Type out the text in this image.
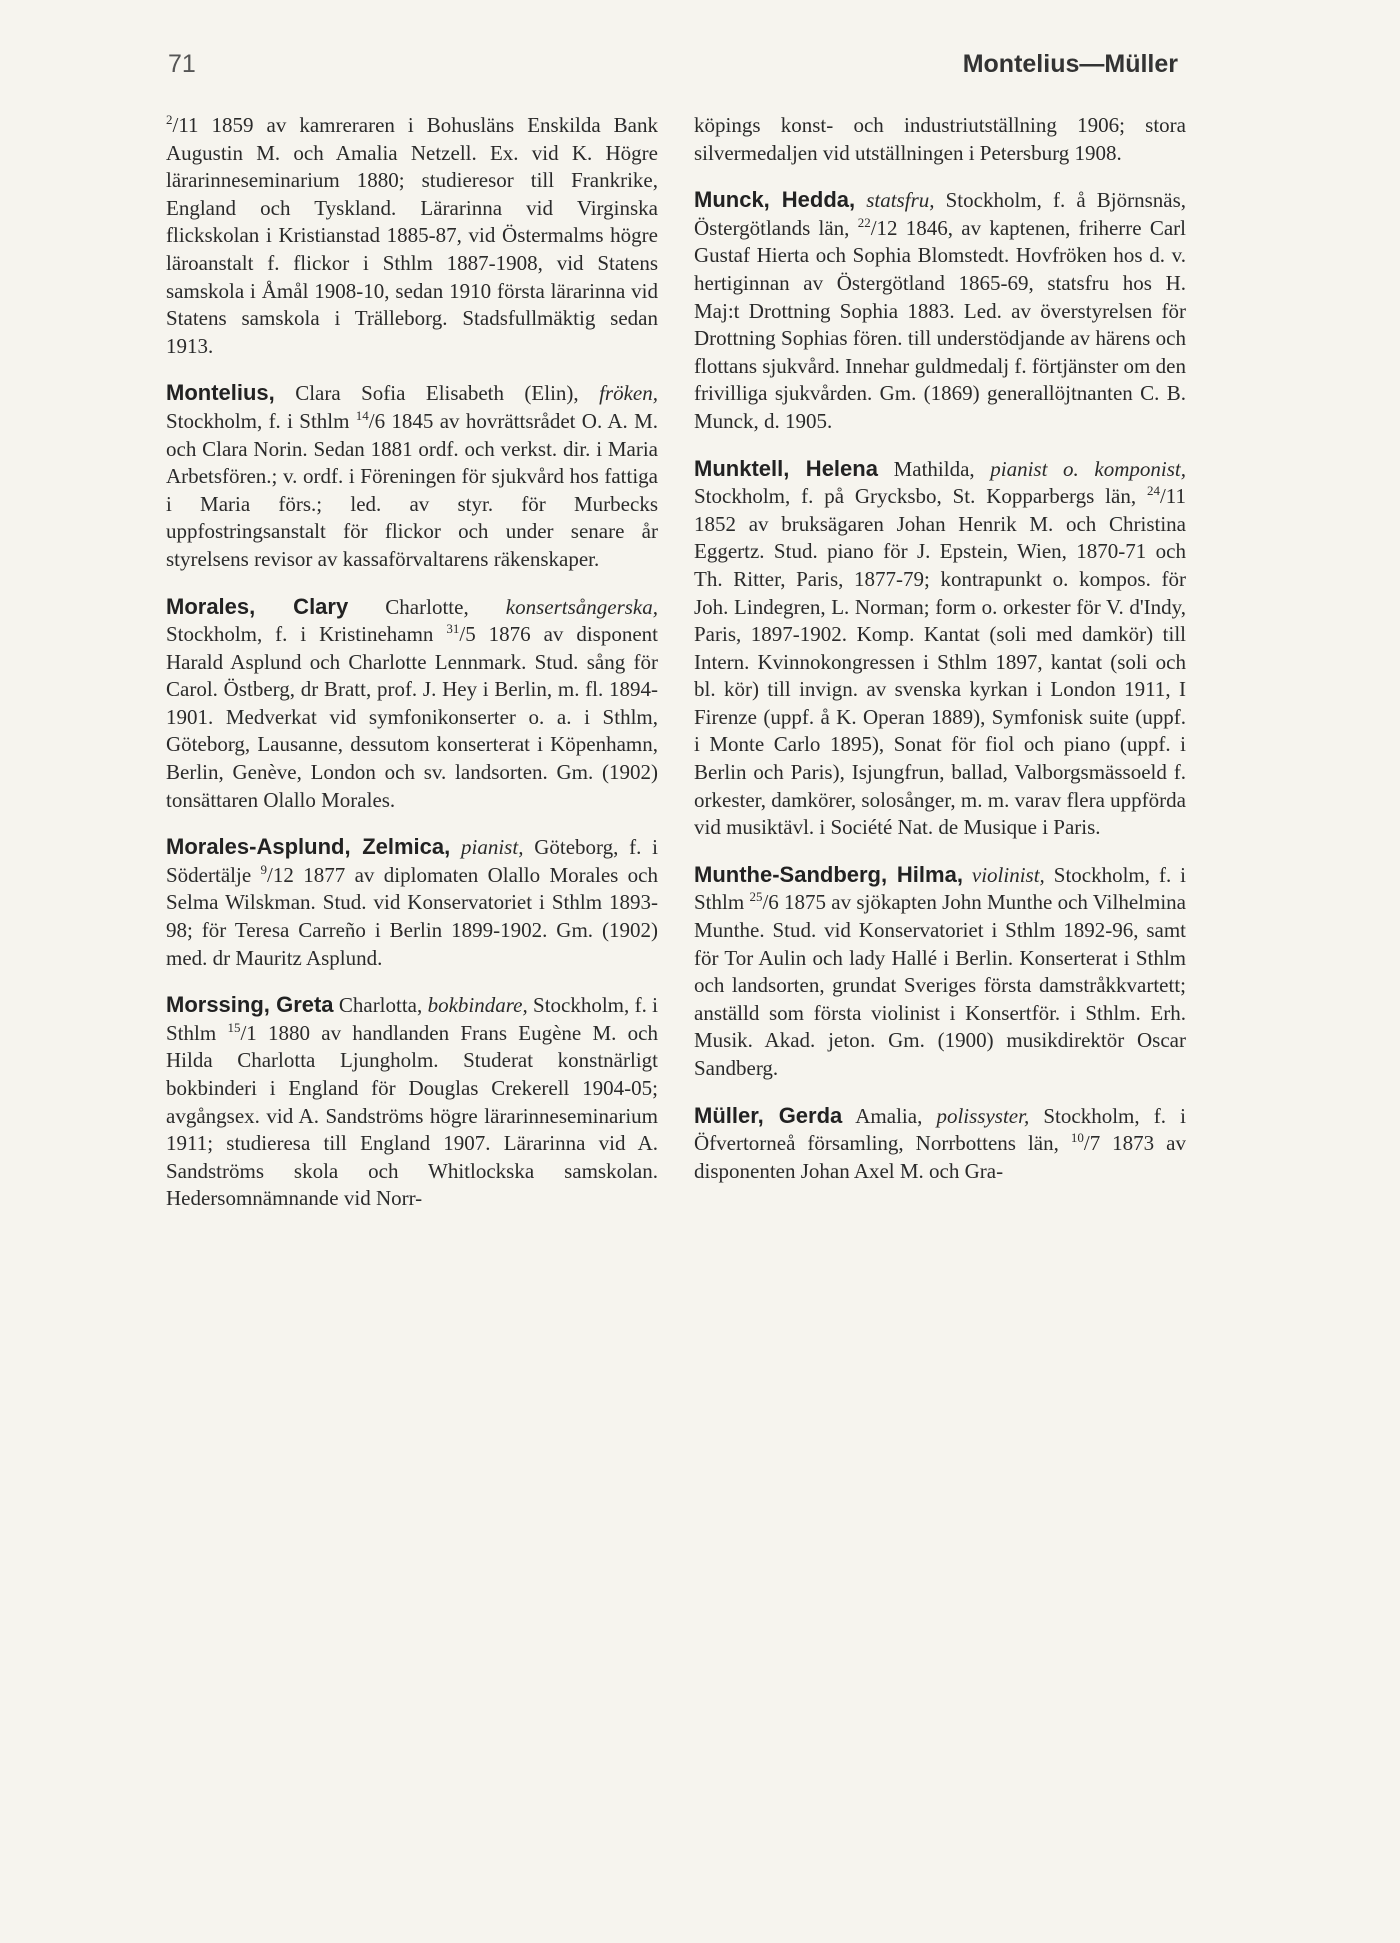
71	Montelius—Müller

$^2$/11 1859 av kamreraren i Bohusläns Enskilda Bank Augustin M. och Amalia Netzell. Ex. vid K. Högre lärarinneseminarium 1880; studieresor till Frankrike, England och Tyskland. Lärarinna vid Virginska flickskolan i Kristianstad 1885-87, vid Östermalms högre läroanstalt f. flickor i Sthlm 1887-1908, vid Statens samskola i Åmål 1908-10, sedan 1910 första lärarinna vid Statens samskola i Trälleborg. Stadsfullmäktig sedan 1913.

Montelius, Clara Sofia Elisabeth (Elin), fröken, Stockholm, f. i Sthlm $^{14}$/6 1845 av hovrättsrådet O. A. M. och Clara Norin. Sedan 1881 ordf. och verkst. dir. i Maria Arbetsfören.; v. ordf. i Föreningen för sjukvård hos fattiga i Maria förs.; led. av styr. för Murbecks uppfostringsanstalt för flickor och under senare år styrelsens revisor av kassaförvaltarens räkenskaper.

Morales, Clary Charlotte, konsertsångerska, Stockholm, f. i Kristinehamn $^{31}$/5 1876 av disponent Harald Asplund och Charlotte Lennmark. Stud. sång för Carol. Östberg, dr Bratt, prof. J. Hey i Berlin, m. fl. 1894-1901. Medverkat vid symfonikonserter o. a. i Sthlm, Göteborg, Lausanne, dessutom konserterat i Köpenhamn, Berlin, Genève, London och sv. landsorten. Gm. (1902) tonsättaren Olallo Morales.

Morales-Asplund, Zelmica, pianist, Göteborg, f. i Södertälje $^9$/12 1877 av diplomaten Olallo Morales och Selma Wilskman. Stud. vid Konservatoriet i Sthlm 1893-98; för Teresa Carreño i Berlin 1899-1902. Gm. (1902) med. dr Mauritz Asplund.

Morssing, Greta Charlotta, bokbindare, Stockholm, f. i Sthlm $^{15}$/1 1880 av handlanden Frans Eugène M. och Hilda Charlotta Ljungholm. Studerat konstnärligt bokbinderi i England för Douglas Crekerell 1904-05; avgångsex. vid A. Sandströms högre lärarinneseminarium 1911; studieresa till England 1907. Lärarinna vid A. Sandströms skola och Whitlockska samskolan. Hedersomnämnande vid Norr-

köpings konst- och industriutställning 1906; stora silvermedaljen vid utställningen i Petersburg 1908.

Munck, Hedda, statsfru, Stockholm, f. å Björnsnäs, Östergötlands län, $^{22}$/12 1846, av kaptenen, friherre Carl Gustaf Hierta och Sophia Blomstedt. Hovfröken hos d. v. hertiginnan av Östergötland 1865-69, statsfru hos H. Maj:t Drottning Sophia 1883. Led. av överstyrelsen för Drottning Sophias fören. till understödjande av härens och flottans sjukvård. Innehar guldmedalj f. förtjänster om den frivilliga sjukvården. Gm. (1869) generallöjtnanten C. B. Munck, d. 1905.

Munktell, Helena Mathilda, pianist o. komponist, Stockholm, f. på Grycksbo, St. Kopparbergs län, $^{24}$/11 1852 av bruksägaren Johan Henrik M. och Christina Eggertz. Stud. piano för J. Epstein, Wien, 1870-71 och Th. Ritter, Paris, 1877-79; kontrapunkt o. kompos. för Joh. Lindegren, L. Norman; form o. orkester för V. d'Indy, Paris, 1897-1902. Komp. Kantat (soli med damkör) till Intern. Kvinnokongressen i Sthlm 1897, kantat (soli och bl. kör) till invign. av svenska kyrkan i London 1911, I Firenze (uppf. å K. Operan 1889), Symfonisk suite (uppf. i Monte Carlo 1895), Sonat för fiol och piano (uppf. i Berlin och Paris), Isjungfrun, ballad, Valborgsmässoeld f. orkester, damkörer, solosånger, m. m. varav flera uppförda vid musiktävl. i Société Nat. de Musique i Paris.

Munthe-Sandberg, Hilma, violinist, Stockholm, f. i Sthlm $^{25}$/6 1875 av sjökapten John Munthe och Vilhelmina Munthe. Stud. vid Konservatoriet i Sthlm 1892-96, samt för Tor Aulin och lady Hallé i Berlin. Konserterat i Sthlm och landsorten, grundat Sveriges första damstråkkvartett; anställd som första violinist i Konsertför. i Sthlm. Erh. Musik. Akad. jeton. Gm. (1900) musikdirektör Oscar Sandberg.

Müller, Gerda Amalia, polissyster, Stockholm, f. i Öfvertorneå församling, Norrbottens län, $^{10}$/7 1873 av disponenten Johan Axel M. och Gra-
